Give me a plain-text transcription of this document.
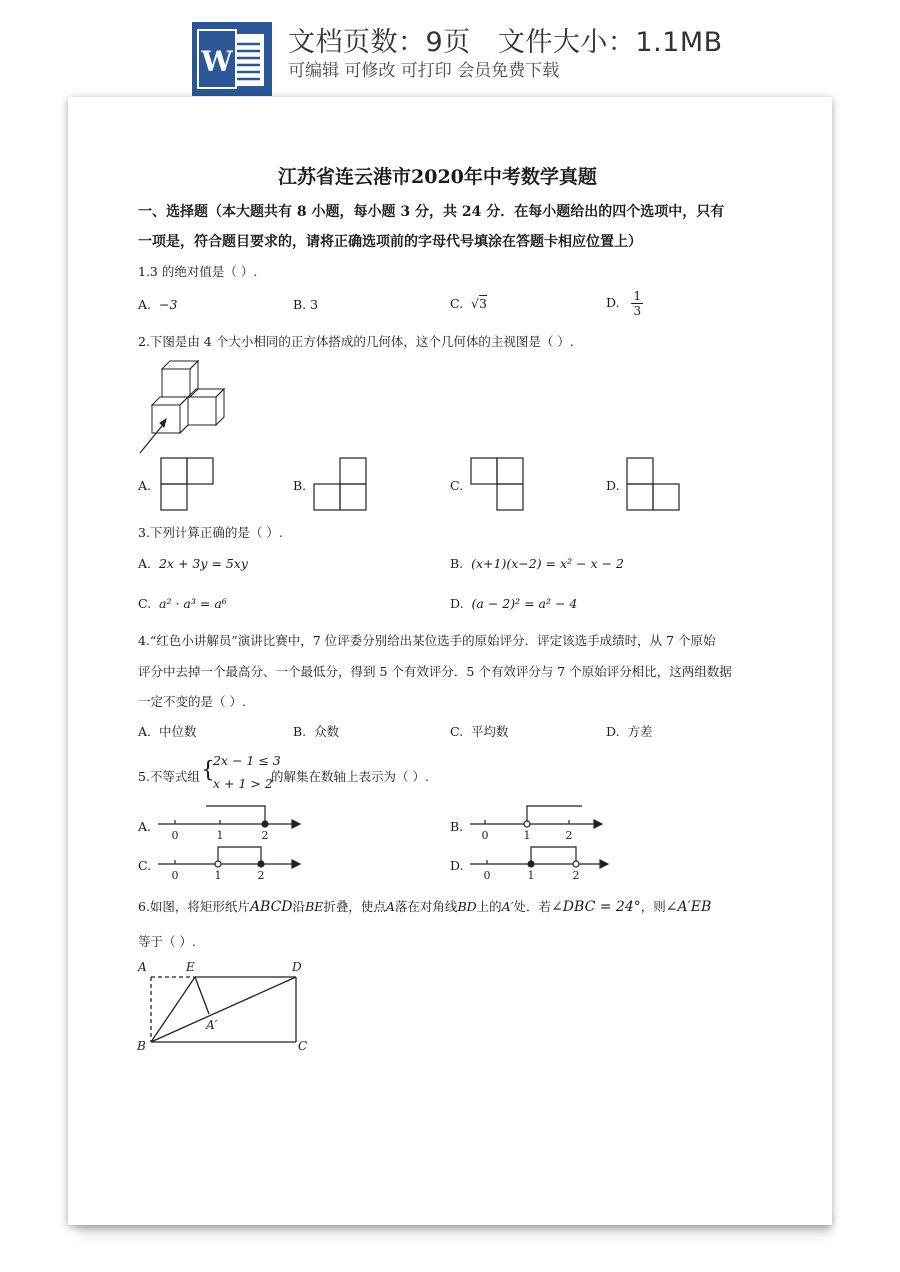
W
文档页数：9页   文件大小：1.1MB
可编辑 可修改 可打印 会员免费下载
江苏省连云港市2020年中考数学真题
一、选择题（本大题共有 8 小题，每小题 3 分，共 24 分．在每小题给出的四个选项中，只有
一项是，符合题目要求的，请将正确选项前的字母代号填涂在答题卡相应位置上）
1.3 的绝对值是（ ）.
A. −3	B. 3	C. √3	D. $\frac{1}{3}$
2.下图是由 4 个大小相同的正方体搭成的几何体，这个几何体的主视图是（ ）.
A.	B.	C.	D.
3.下列计算正确的是（ ）.
A. 2x + 3y = 5xy	B. (x+1)(x−2) = x² − x − 2
C. a² · a³ = a⁶	D. (a − 2)² = a² − 4
4.“红色小讲解员”演讲比赛中，7 位评委分别给出某位选手的原始评分．评定该选手成绩时，从 7 个原始
评分中去掉一个最高分、一个最低分，得到 5 个有效评分．5 个有效评分与 7 个原始评分相比，这两组数据
一定不变的是（ ）.
A. 中位数	B. 众数	C. 平均数	D. 方差
5.不等式组 {
2x − 1 ≤ 3
x + 1 > 2
的解集在数轴上表示为（ ）.
A.
0	1	2
B.
0	1	2
C.
0	1	2
D.
0	1	2
6.如图，将矩形纸片ABCD沿BE折叠，使点A落在对角线BD上的A′处．若∠DBC = 24°，则∠A′EB
等于（ ）.
A	E	D
B	C
A′
